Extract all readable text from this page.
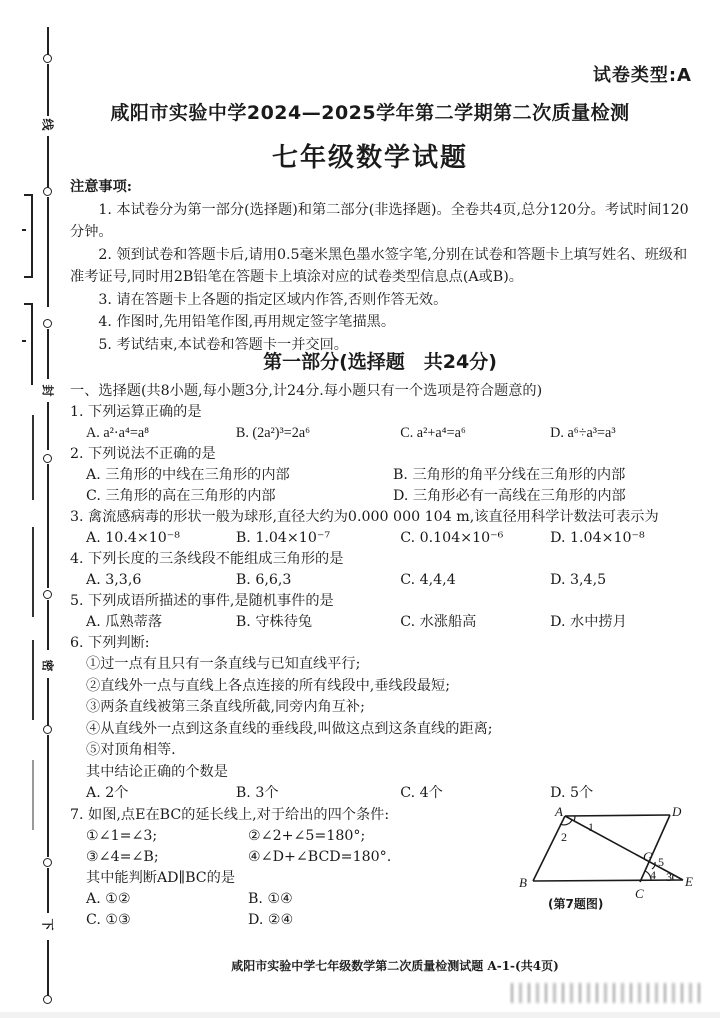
线
封
密
下
试卷类型:A
咸阳市实验中学2024—2025学年第二学期第二次质量检测
七年级数学试题
注意事项:
1. 本试卷分为第一部分(选择题)和第二部分(非选择题)。全卷共4页,总分120分。考试时间120分钟。
2. 领到试卷和答题卡后,请用0.5毫米黑色墨水签字笔,分别在试卷和答题卡上填写姓名、班级和准考证号,同时用2B铅笔在答题卡上填涂对应的试卷类型信息点(A或B)。
3. 请在答题卡上各题的指定区域内作答,否则作答无效。
4. 作图时,先用铅笔作图,再用规定签字笔描黑。
5. 考试结束,本试卷和答题卡一并交回。
第一部分(选择题　共24分)
一、选择题(共8小题,每小题3分,计24分.每小题只有一个选项是符合题意的)
1. 下列运算正确的是
A. a²·a⁴=a⁸	B. (2a²)³=2a⁶	C. a²+a⁴=a⁶	D. a⁶÷a³=a³
2. 下列说法不正确的是
A. 三角形的中线在三角形的内部	B. 三角形的角平分线在三角形的内部
C. 三角形的高在三角形的内部	D. 三角形必有一高线在三角形的内部
3. 禽流感病毒的形状一般为球形,直径大约为0.000 000 104 m,该直径用科学计数法可表示为
A. 10.4×10⁻⁸	B. 1.04×10⁻⁷	C. 0.104×10⁻⁶	D. 1.04×10⁻⁸
4. 下列长度的三条线段不能组成三角形的是
A. 3,3,6	B. 6,6,3	C. 4,4,4	D. 3,4,5
5. 下列成语所描述的事件,是随机事件的是
A. 瓜熟蒂落	B. 守株待兔	C. 水涨船高	D. 水中捞月
6. 下列判断:
①过一点有且只有一条直线与已知直线平行;
②直线外一点与直线上各点连接的所有线段中,垂线段最短;
③两条直线被第三条直线所截,同旁内角互补;
④从直线外一点到这条直线的垂线段,叫做这点到这条直线的距离;
⑤对顶角相等.
其中结论正确的个数是
A. 2个	B. 3个	C. 4个	D. 5个
7. 如图,点E在BC的延长线上,对于给出的四个条件:
①∠1=∠3;	②∠2+∠5=180°;
③∠4=∠B;	④∠D+∠BCD=180°.
其中能判断AD∥BC的是
A. ①②	B. ①④
C. ①③	D. ②④
A	D
B
C
E
G
1
2
3
4
5
(第7题图)
咸阳市实验中学七年级数学第二次质量检测试题 A-1-(共4页)
